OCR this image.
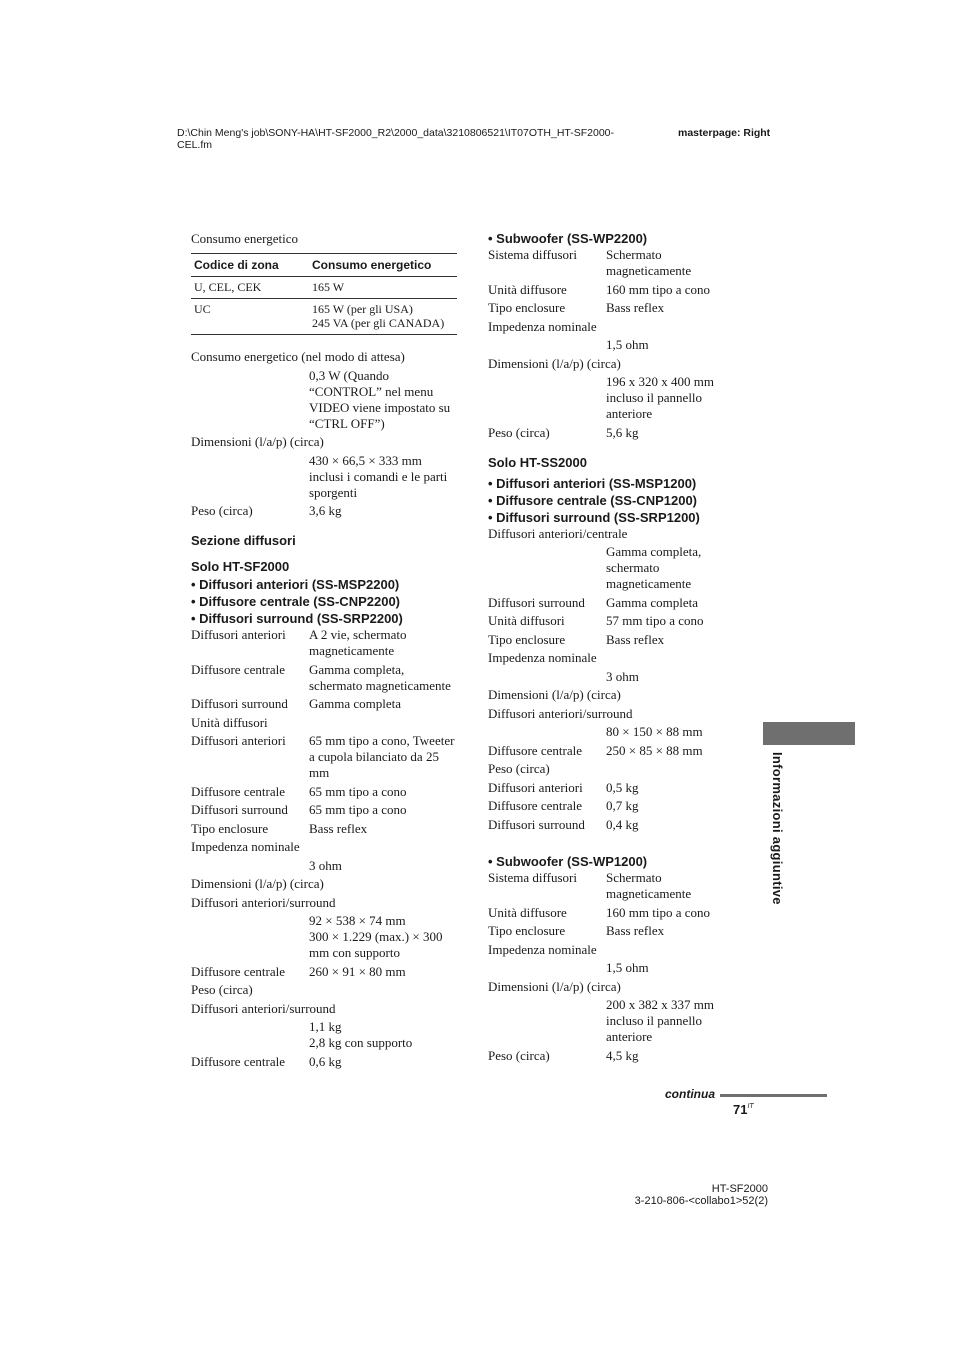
D:\Chin Meng's job\SONY-HA\HT-SF2000_R2\2000_data\3210806521\IT07OTH_HT-SF2000-CEL.fm
masterpage: Right
Consumo energetico
Codice di zona	Consumo energetico
U, CEL, CEK	165 W
UC	165 W (per gli USA)
245 VA (per gli CANADA)
Consumo energetico (nel modo di attesa)
0,3 W (Quando “CONTROL” nel menu VIDEO viene impostato su “CTRL OFF”)
Dimensioni (l/a/p) (circa)
430 × 66,5 × 333 mm inclusi i comandi e le parti sporgenti
Peso (circa)	3,6 kg
Sezione diffusori
Solo HT-SF2000
• Diffusori anteriori (SS-MSP2200)
• Diffusore centrale (SS-CNP2200)
• Diffusori surround (SS-SRP2200)
Diffusori anteriori	A 2 vie, schermato magneticamente
Diffusore centrale	Gamma completa, schermato magneticamente
Diffusori surround	Gamma completa
Unità diffusori
Diffusori anteriori	65 mm tipo a cono, Tweeter a cupola bilanciato da 25 mm
Diffusore centrale	65 mm tipo a cono
Diffusori surround	65 mm tipo a cono
Tipo enclosure	Bass reflex
Impedenza nominale
3 ohm
Dimensioni (l/a/p) (circa)
Diffusori anteriori/surround
92 × 538 × 74 mm
300 × 1.229 (max.) × 300 mm con supporto
Diffusore centrale	260 × 91 × 80 mm
Peso (circa)
Diffusori anteriori/surround
1,1 kg
2,8 kg con supporto
Diffusore centrale	0,6 kg
• Subwoofer (SS-WP2200)
Sistema diffusori	Schermato magneticamente
Unità diffusore	160 mm tipo a cono
Tipo enclosure	Bass reflex
Impedenza nominale
1,5 ohm
Dimensioni (l/a/p) (circa)
196 x 320 x 400 mm incluso il pannello anteriore
Peso (circa)	5,6 kg
Solo HT-SS2000
• Diffusori anteriori (SS-MSP1200)
• Diffusore centrale (SS-CNP1200)
• Diffusori surround (SS-SRP1200)
Diffusori anteriori/centrale
Gamma completa, schermato magneticamente
Diffusori surround	Gamma completa
Unità diffusori	57 mm tipo a cono
Tipo enclosure	Bass reflex
Impedenza nominale
3 ohm
Dimensioni (l/a/p) (circa)
Diffusori anteriori/surround
80 × 150 × 88 mm
Diffusore centrale	250 × 85 × 88 mm
Peso (circa)
Diffusori anteriori	0,5 kg
Diffusore centrale	0,7 kg
Diffusori surround	0,4 kg
• Subwoofer (SS-WP1200)
Sistema diffusori	Schermato magneticamente
Unità diffusore	160 mm tipo a cono
Tipo enclosure	Bass reflex
Impedenza nominale
1,5 ohm
Dimensioni (l/a/p) (circa)
200 x 382 x 337 mm incluso il pannello anteriore
Peso (circa)	4,5 kg
Informazioni aggiuntive
continua
$71^{IT}$
HT-SF2000
3-210-806-<collabo1>52(2)
